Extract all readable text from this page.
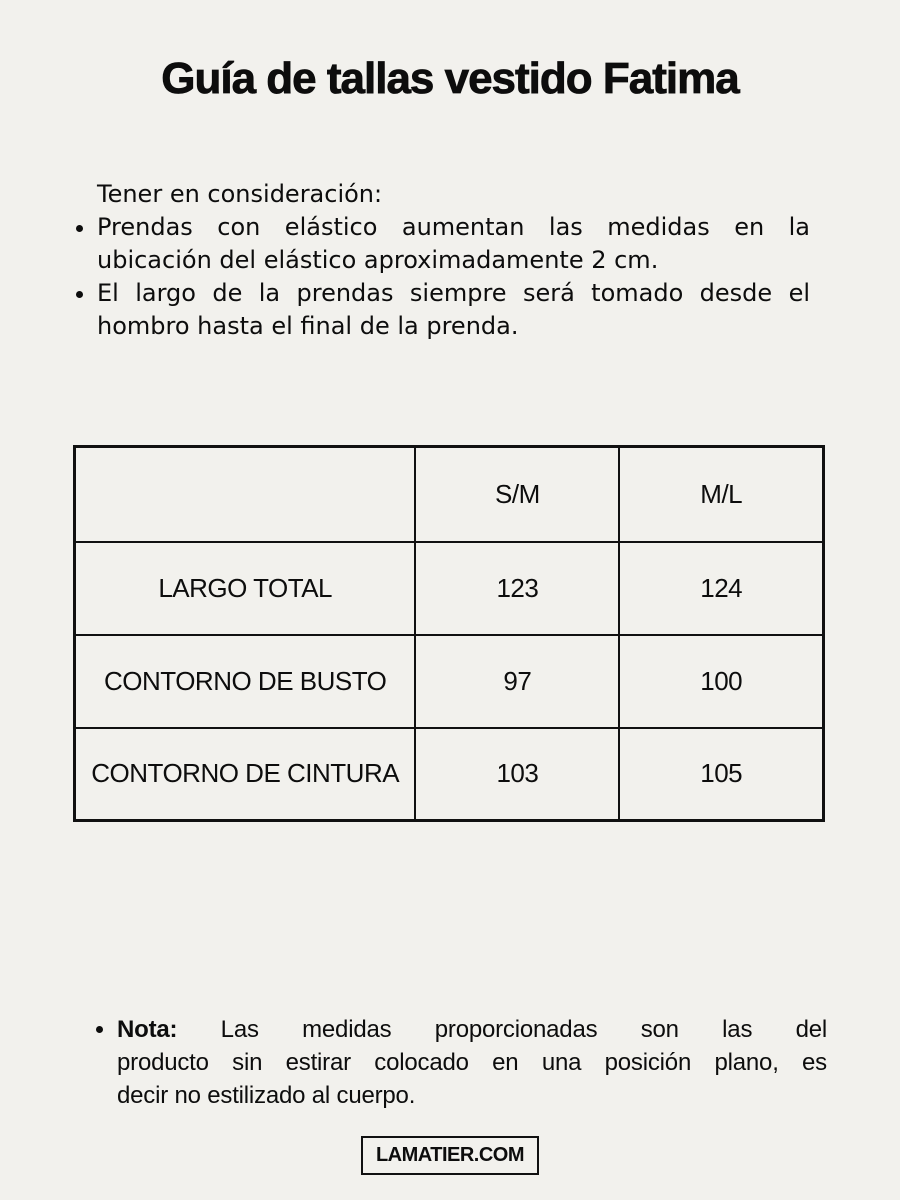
Guía de tallas vestido Fatima

Tener en consideración:

• Prendas con elástico aumentan las medidas en la
ubicación del elástico aproximadamente 2 cm.
• El largo de la prendas siempre será tomado desde el
hombro hasta el final de la prenda.
	S/M	M/L
LARGO TOTAL	123	124
CONTORNO DE BUSTO	97	100
CONTORNO DE CINTURA	103	105
• Nota: Las medidas proporcionadas son las del
producto sin estirar colocado en una posición plano, es
decir no estilizado al cuerpo.
LAMATIER.COM
